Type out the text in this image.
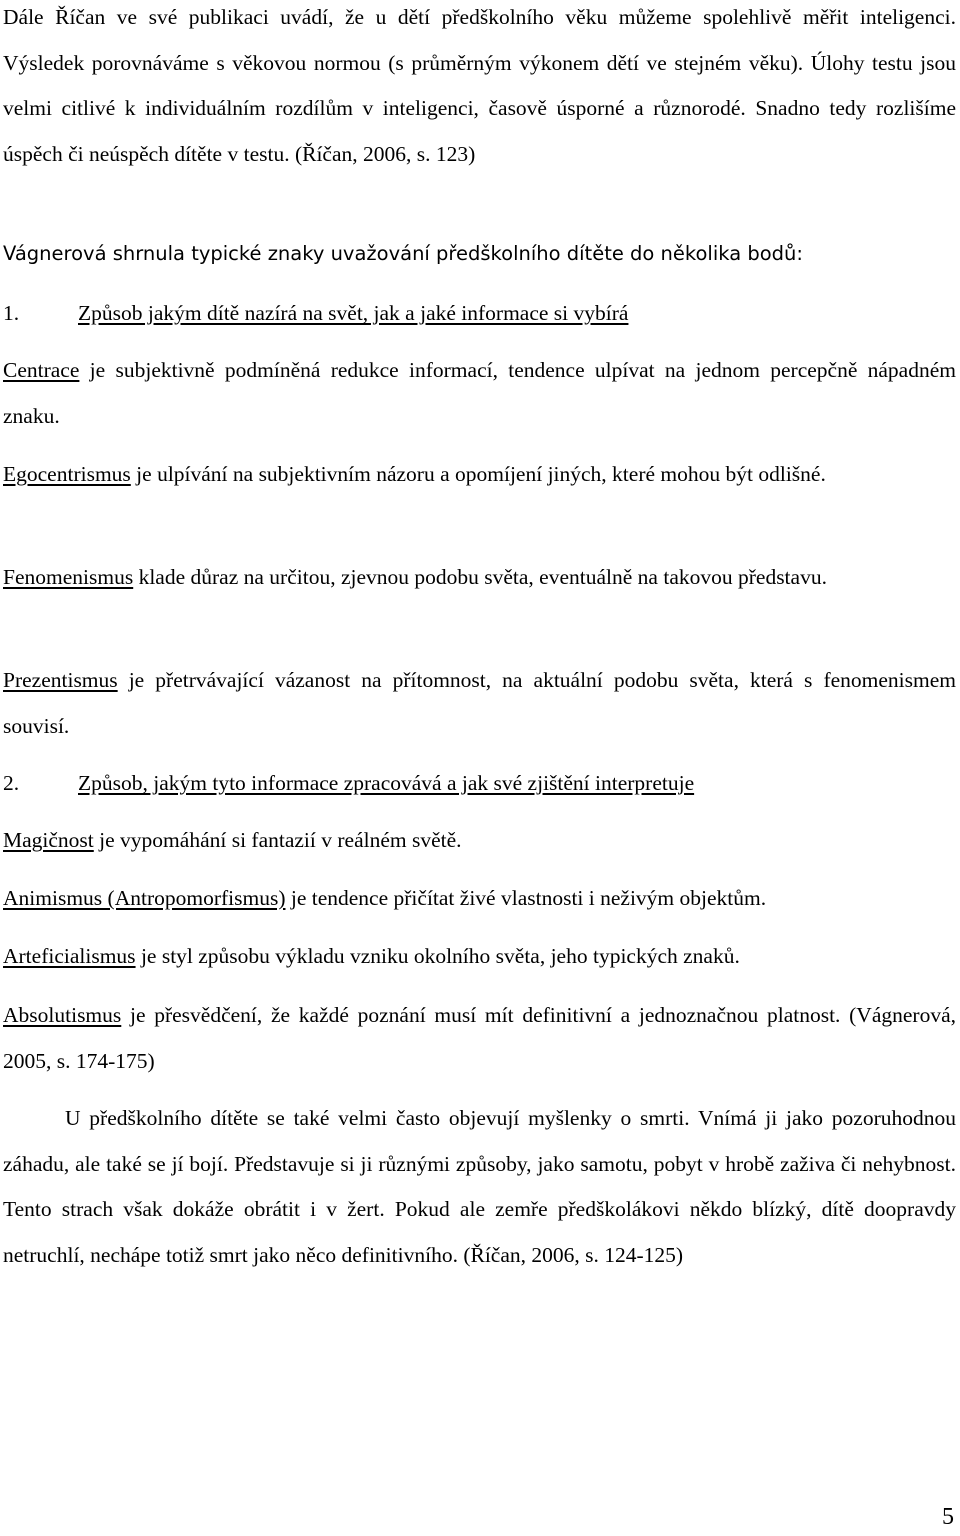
Dále Říčan ve své publikaci uvádí, že u dětí předškolního věku můžeme spolehlivě měřit inteligenci. Výsledek porovnáváme s věkovou normou (s průměrným výkonem dětí ve stejném věku). Úlohy testu jsou velmi citlivé k individuálním rozdílům v inteligenci, časově úsporné a různorodé. Snadno tedy rozlišíme úspěch či neúspěch dítěte v testu. (Říčan, 2006, s. 123)

Vágnerová shrnula typické znaky uvažování předškolního dítěte do několika bodů:

1.	Způsob jakým dítě nazírá na svět, jak a jaké informace si vybírá

Centrace je subjektivně podmíněná redukce informací, tendence ulpívat na jednom percepčně nápadném znaku.

Egocentrismus je ulpívání na subjektivním názoru a opomíjení jiných, které mohou být odlišné.

Fenomenismus klade důraz na určitou, zjevnou podobu světa, eventuálně na takovou představu.

Prezentismus je přetrvávající vázanost na přítomnost, na aktuální podobu světa, která s fenomenismem souvisí.

2.	Způsob, jakým tyto informace zpracovává a jak své zjištění interpretuje

Magičnost je vypomáhání si fantazií v reálném světě.

Animismus (Antropomorfismus) je tendence přičítat živé vlastnosti i neživým objektům.

Arteficialismus je styl způsobu výkladu vzniku okolního světa, jeho typických znaků.

Absolutismus je přesvědčení, že každé poznání musí mít definitivní a jednoznačnou platnost. (Vágnerová, 2005, s. 174-175)

U předškolního dítěte se také velmi často objevují myšlenky o smrti. Vnímá ji jako pozoruhodnou záhadu, ale také se jí bojí. Představuje si ji různými způsoby, jako samotu, pobyt v hrobě zaživa či nehybnost. Tento strach však dokáže obrátit i v žert. Pokud ale zemře předškolákovi někdo blízký, dítě doopravdy netruchlí, nechápe totiž smrt jako něco definitivního. (Říčan, 2006, s. 124-125)

5
